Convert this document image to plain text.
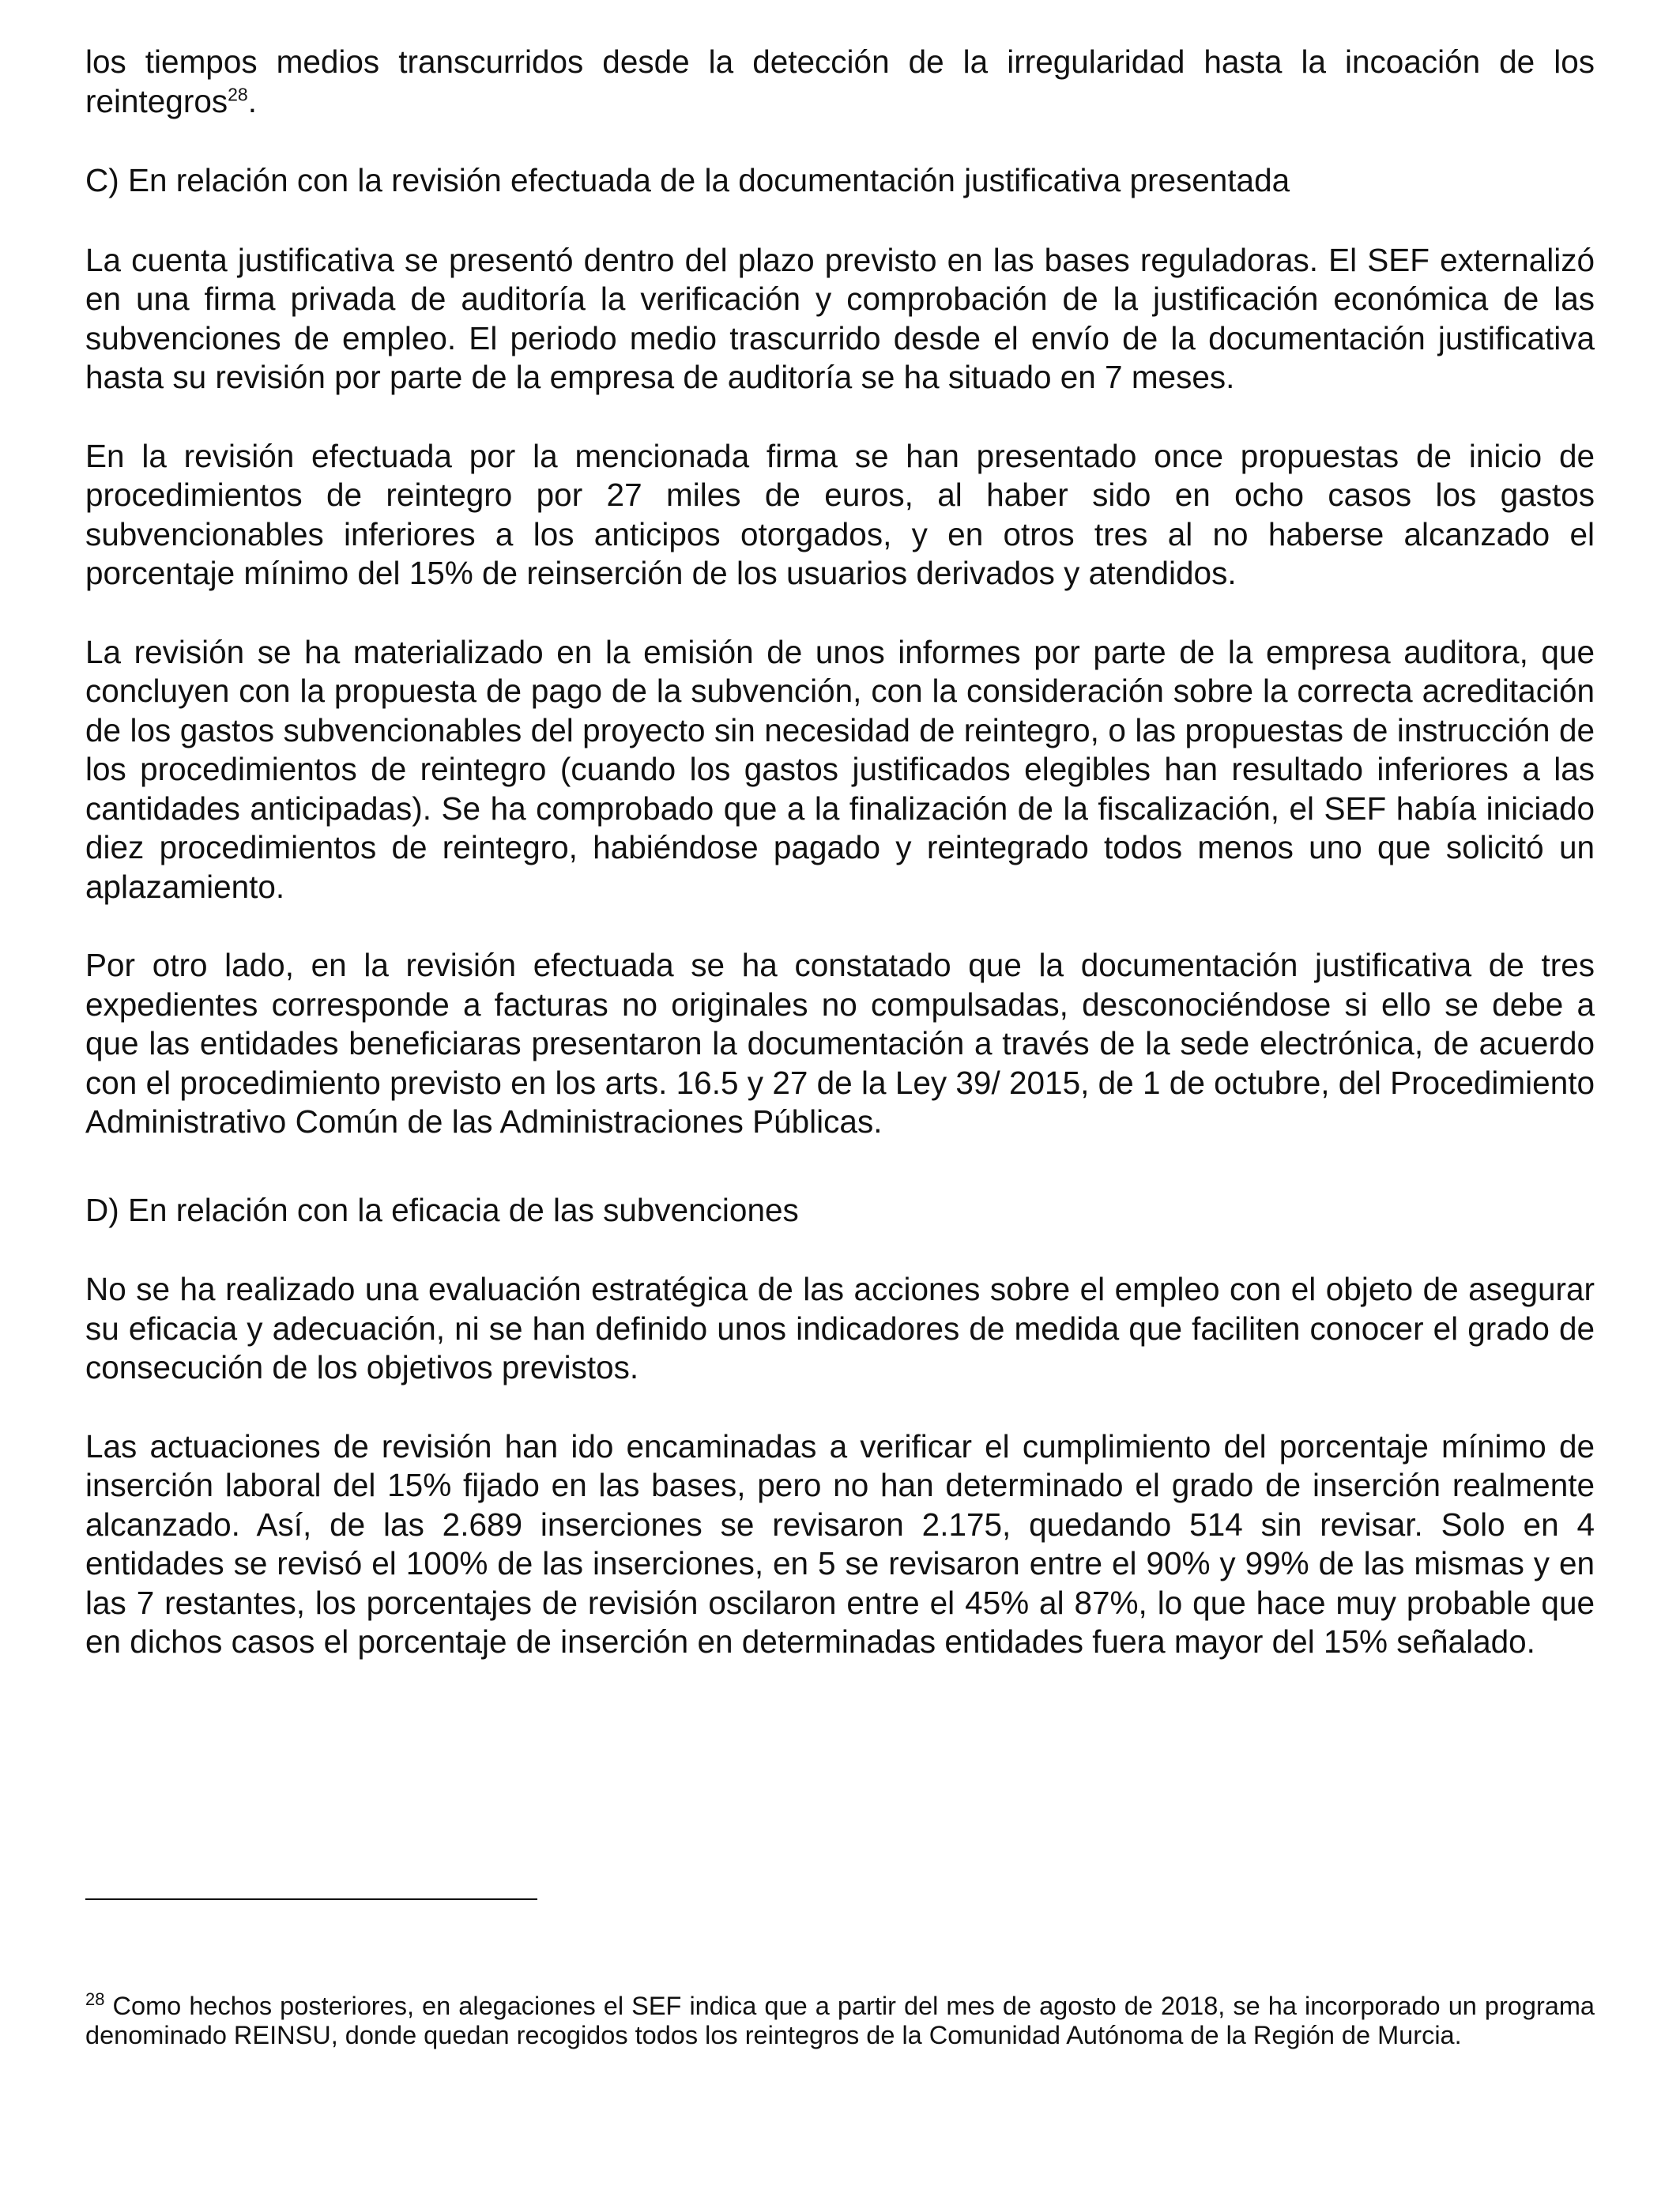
los tiempos medios transcurridos desde la detección de la irregularidad hasta la incoación de los reintegros$^{28}$.

C) En relación con la revisión efectuada de la documentación justificativa presentada

La cuenta justificativa se presentó dentro del plazo previsto en las bases reguladoras. El SEF externalizó en una firma privada de auditoría la verificación y comprobación de la justificación económica de las subvenciones de empleo. El periodo medio trascurrido desde el envío de la documentación justificativa hasta su revisión por parte de la empresa de auditoría se ha situado en 7 meses.

En la revisión efectuada por la mencionada firma se han presentado once propuestas de inicio de procedimientos de reintegro por 27 miles de euros, al haber sido en ocho casos los gastos subvencionables inferiores a los anticipos otorgados, y en otros tres al no haberse alcanzado el porcentaje mínimo del 15% de reinserción de los usuarios derivados y atendidos.

La revisión se ha materializado en la emisión de unos informes por parte de la empresa auditora, que concluyen con la propuesta de pago de la subvención, con la consideración sobre la correcta acreditación de los gastos subvencionables del proyecto sin necesidad de reintegro, o las propuestas de instrucción de los procedimientos de reintegro (cuando los gastos justificados elegibles han resultado inferiores a las cantidades anticipadas). Se ha comprobado que a la finalización de la fiscalización, el SEF había iniciado diez procedimientos de reintegro, habiéndose pagado y reintegrado todos menos uno que solicitó un aplazamiento.

Por otro lado, en la revisión efectuada se ha constatado que la documentación justificativa de tres expedientes corresponde a facturas no originales no compulsadas, desconociéndose si ello se debe a que las entidades beneficiaras presentaron la documentación a través de la sede electrónica, de acuerdo con el procedimiento previsto en los arts. 16.5 y 27 de la Ley 39/ 2015, de 1 de octubre, del Procedimiento Administrativo Común de las Administraciones Públicas.

D) En relación con la eficacia de las subvenciones

No se ha realizado una evaluación estratégica de las acciones sobre el empleo con el objeto de asegurar su eficacia y adecuación, ni se han definido unos indicadores de medida que faciliten conocer el grado de consecución de los objetivos previstos.

Las actuaciones de revisión han ido encaminadas a verificar el cumplimiento del porcentaje mínimo de inserción laboral del 15% fijado en las bases, pero no han determinado el grado de inserción realmente alcanzado. Así, de las 2.689 inserciones se revisaron 2.175, quedando 514 sin revisar. Solo en 4 entidades se revisó el 100% de las inserciones, en 5 se revisaron entre el 90% y 99% de las mismas y en las 7 restantes, los porcentajes de revisión oscilaron entre el 45% al 87%, lo que hace muy probable que en dichos casos el porcentaje de inserción en determinadas entidades fuera mayor del 15% señalado.

$^{28}$ Como hechos posteriores, en alegaciones el SEF indica que a partir del mes de agosto de 2018, se ha incorporado un programa denominado REINSU, donde quedan recogidos todos los reintegros de la Comunidad Autónoma de la Región de Murcia.
